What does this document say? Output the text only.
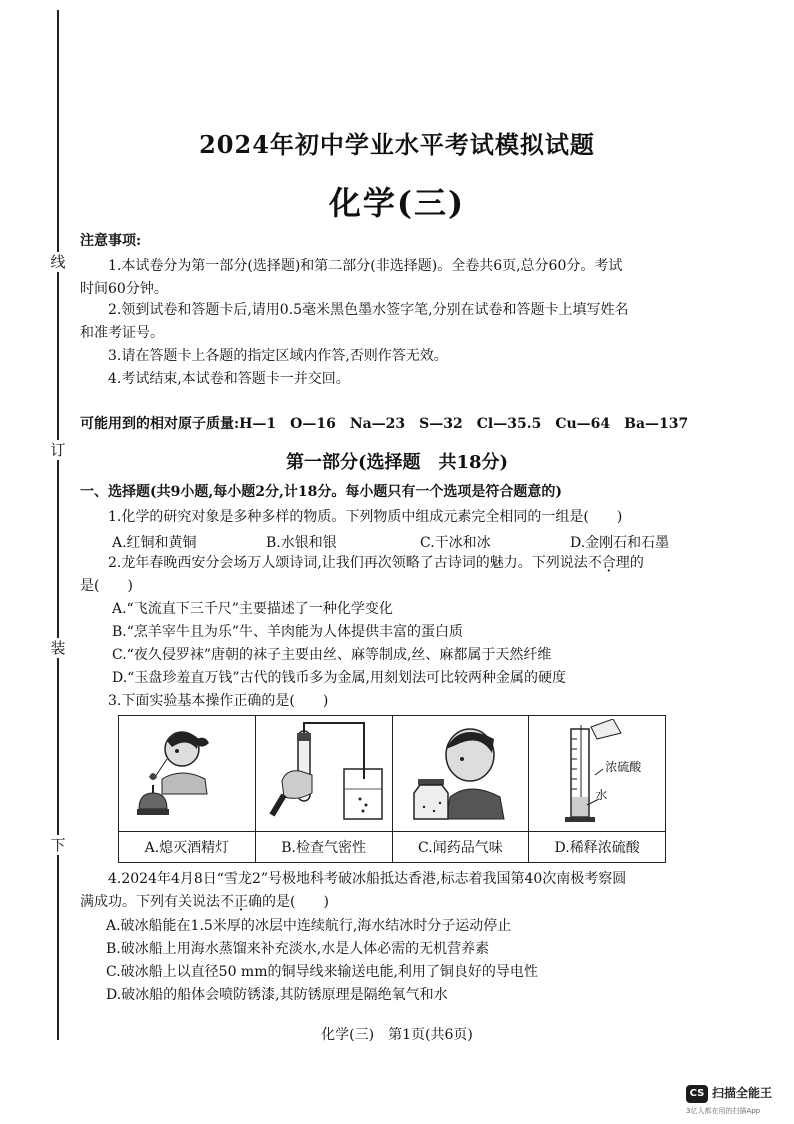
线
订
装
下
2024年初中学业水平考试模拟试题
化学(三)
注意事项:
1.本试卷分为第一部分(选择题)和第二部分(非选择题)。全卷共6页,总分60分。考试
时间60分钟。
2.领到试卷和答题卡后,请用0.5毫米黑色墨水签字笔,分别在试卷和答题卡上填写姓名
和准考证号。
3.请在答题卡上各题的指定区域内作答,否则作答无效。
4.考试结束,本试卷和答题卡一并交回。
可能用到的相对原子质量:H—1　O—16　Na—23　S—32　Cl—35.5　Cu—64　Ba—137
第一部分(选择题　共18分)
一、选择题(共9小题,每小题2分,计18分。每小题只有一个选项是符合题意的)
1.化学的研究对象是多种多样的物质。下列物质中组成元素完全相同的一组是(　　)
A.红铜和黄铜	B.水银和银	C.干冰和冰	D.金刚石和石墨
2.龙年春晚西安分会场万人颂诗词,让我们再次领略了古诗词的魅力。下列说法不合理的
是(　　)
A.“飞流直下三千尺”主要描述了一种化学变化
B.“烹羊宰牛且为乐”牛、羊肉能为人体提供丰富的蛋白质
C.“夜久侵罗袜”唐朝的袜子主要由丝、麻等制成,丝、麻都属于天然纤维
D.“玉盘珍羞直万钱”古代的钱币多为金属,用刻划法可比较两种金属的硬度
3.下面实验基本操作正确的是(　　)

浓硫酸
水

A.熄灭酒精灯	B.检查气密性	C.闻药品气味	D.稀释浓硫酸
4.2024年4月8日“雪龙2”号极地科考破冰船抵达香港,标志着我国第40次南极考察圆
满成功。下列有关说法不正确的是(　　)
A.破冰船能在1.5米厚的冰层中连续航行,海水结冰时分子运动停止
B.破冰船上用海水蒸馏来补充淡水,水是人体必需的无机营养素
C.破冰船上以直径50 mm的铜导线来输送电能,利用了铜良好的导电性
D.破冰船的船体会喷防锈漆,其防锈原理是隔绝氧气和水
化学(三)　第1页(共6页)
CS 扫描全能王
3亿人都在用的扫描App
